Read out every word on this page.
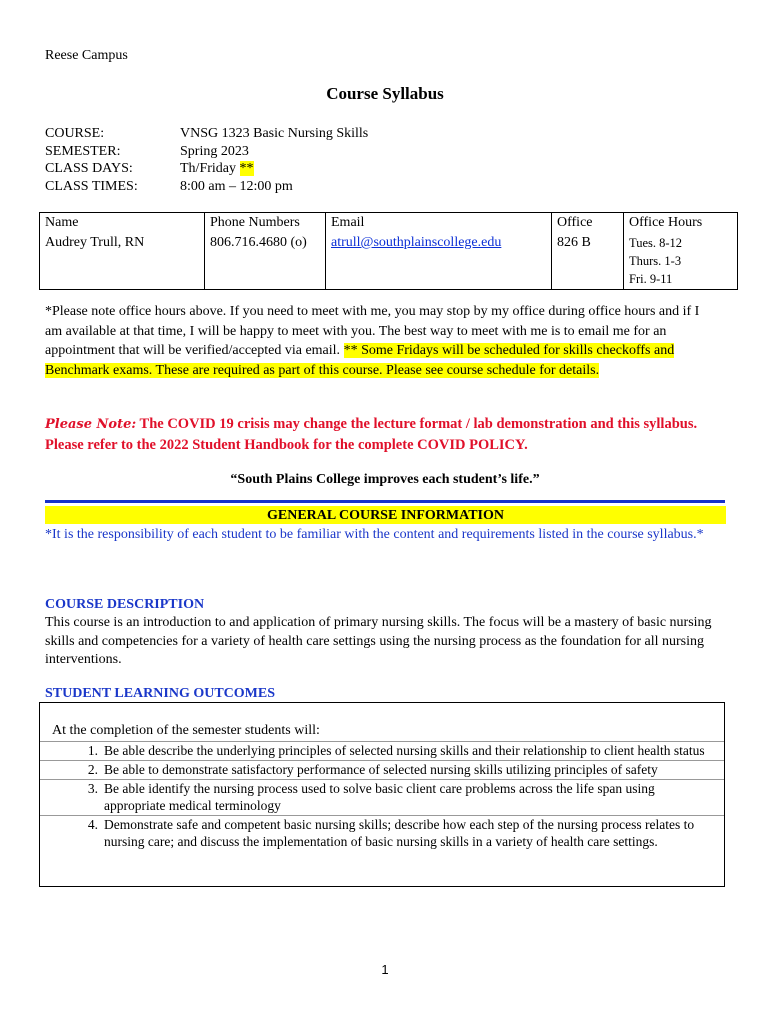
Reese Campus
Course Syllabus
COURSE:	VNSG 1323 Basic Nursing Skills
SEMESTER:	Spring 2023
CLASS DAYS:	Th/Friday **
CLASS TIMES:	8:00 am – 12:00 pm
Name	Phone Numbers	Email	Office	Office Hours
Audrey Trull, RN	806.716.4680 (o)	atrull@southplainscollege.edu	826 B	Tues. 8-12
Thurs. 1-3
Fri. 9-11
*Please note office hours above. If you need to meet with me, you may stop by my office during office hours and if I am available at that time, I will be happy to meet with you. The best way to meet with me is to email me for an appointment that will be verified/accepted via email. ** Some Fridays will be scheduled for skills checkoffs and Benchmark exams. These are required as part of this course. Please see course schedule for details.
Please Note: The COVID 19 crisis may change the lecture format / lab demonstration and this syllabus. Please refer to the 2022 Student Handbook for the complete COVID POLICY.
“South Plains College improves each student’s life.”
GENERAL COURSE INFORMATION
*It is the responsibility of each student to be familiar with the content and requirements listed in the course syllabus.*
COURSE DESCRIPTION
This course is an introduction to and application of primary nursing skills. The focus will be a mastery of basic nursing skills and competencies for a variety of health care settings using the nursing process as the foundation for all nursing interventions.
STUDENT LEARNING OUTCOMES
At the completion of the semester students will:
1. Be able describe the underlying principles of selected nursing skills and their relationship to client health status
2. Be able to demonstrate satisfactory performance of selected nursing skills utilizing principles of safety
3. Be able identify the nursing process used to solve basic client care problems across the life span using appropriate medical terminology
4. Demonstrate safe and competent basic nursing skills; describe how each step of the nursing process relates to nursing care; and discuss the implementation of basic nursing skills in a variety of health care settings.
1
